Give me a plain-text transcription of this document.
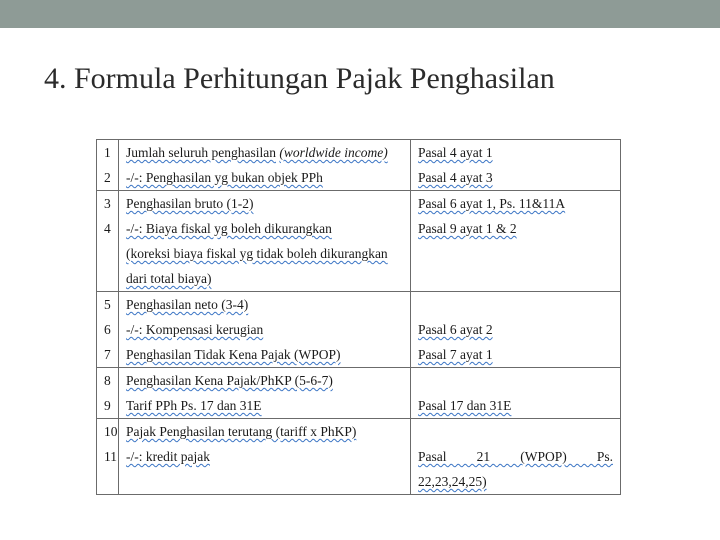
4. Formula Perhitungan Pajak Penghasilan
1	Jumlah seluruh penghasilan (worldwide income)	Pasal 4 ayat 1
2	-/-: Penghasilan yg bukan objek PPh	Pasal 4 ayat 3
3	Penghasilan bruto (1-2)	Pasal 6 ayat 1, Ps. 11&11A
4	-/-: Biaya fiskal yg boleh dikurangkan	Pasal 9 ayat 1 & 2
	(koreksi biaya fiskal yg tidak boleh dikurangkan	
	dari total biaya)	
5	Penghasilan neto (3-4)	
6	-/-: Kompensasi kerugian	Pasal 6 ayat 2
7	Penghasilan Tidak Kena Pajak (WPOP)	Pasal 7 ayat 1
8	Penghasilan Kena Pajak/PhKP (5-6-7)	
9	Tarif PPh Ps. 17 dan 31E	Pasal 17 dan 31E
10	Pajak Penghasilan terutang (tariff x PhKP)	
11	-/-: kredit pajak	Pasal 21 (WPOP) Ps.
		22,23,24,25)
